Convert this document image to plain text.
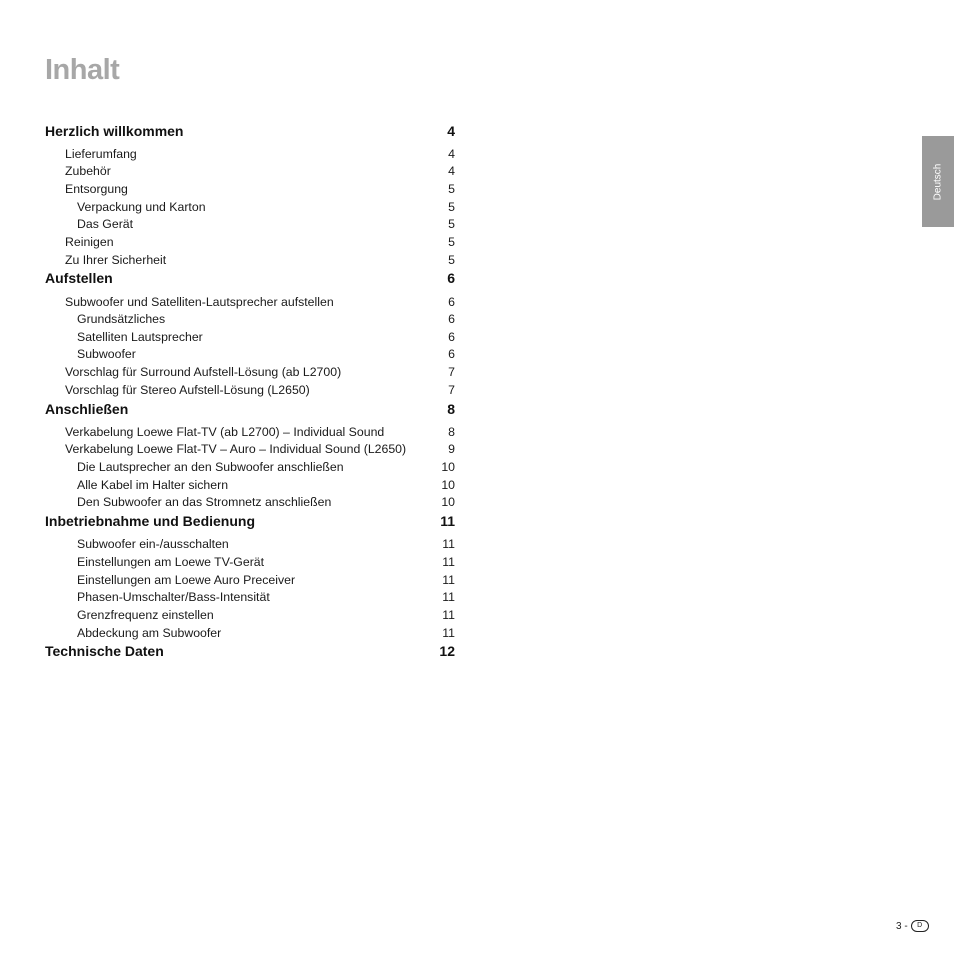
Inhalt
Herzlich willkommen	4
Lieferumfang	4
Zubehör	4
Entsorgung	5
Verpackung und Karton	5
Das Gerät	5
Reinigen	5
Zu Ihrer Sicherheit	5
Aufstellen	6
Subwoofer und Satelliten-Lautsprecher aufstellen	6
Grundsätzliches	6
Satelliten Lautsprecher	6
Subwoofer	6
Vorschlag für Surround Aufstell-Lösung (ab L2700)	7
Vorschlag für Stereo Aufstell-Lösung (L2650)	7
Anschließen	8
Verkabelung Loewe Flat-TV (ab L2700) – Individual Sound	8
Verkabelung Loewe Flat-TV – Auro – Individual Sound (L2650)	9
Die Lautsprecher an den Subwoofer anschließen	10
Alle Kabel im Halter sichern	10
Den Subwoofer an das Stromnetz anschließen	10
Inbetriebnahme und Bedienung	11
Subwoofer ein-/ausschalten	11
Einstellungen am Loewe TV-Gerät	11
Einstellungen am Loewe Auro Preceiver	11
Phasen-Umschalter/Bass-Intensität	11
Grenzfrequenz einstellen	11
Abdeckung am Subwoofer	11
Technische Daten	12
Deutsch
3 -	D
